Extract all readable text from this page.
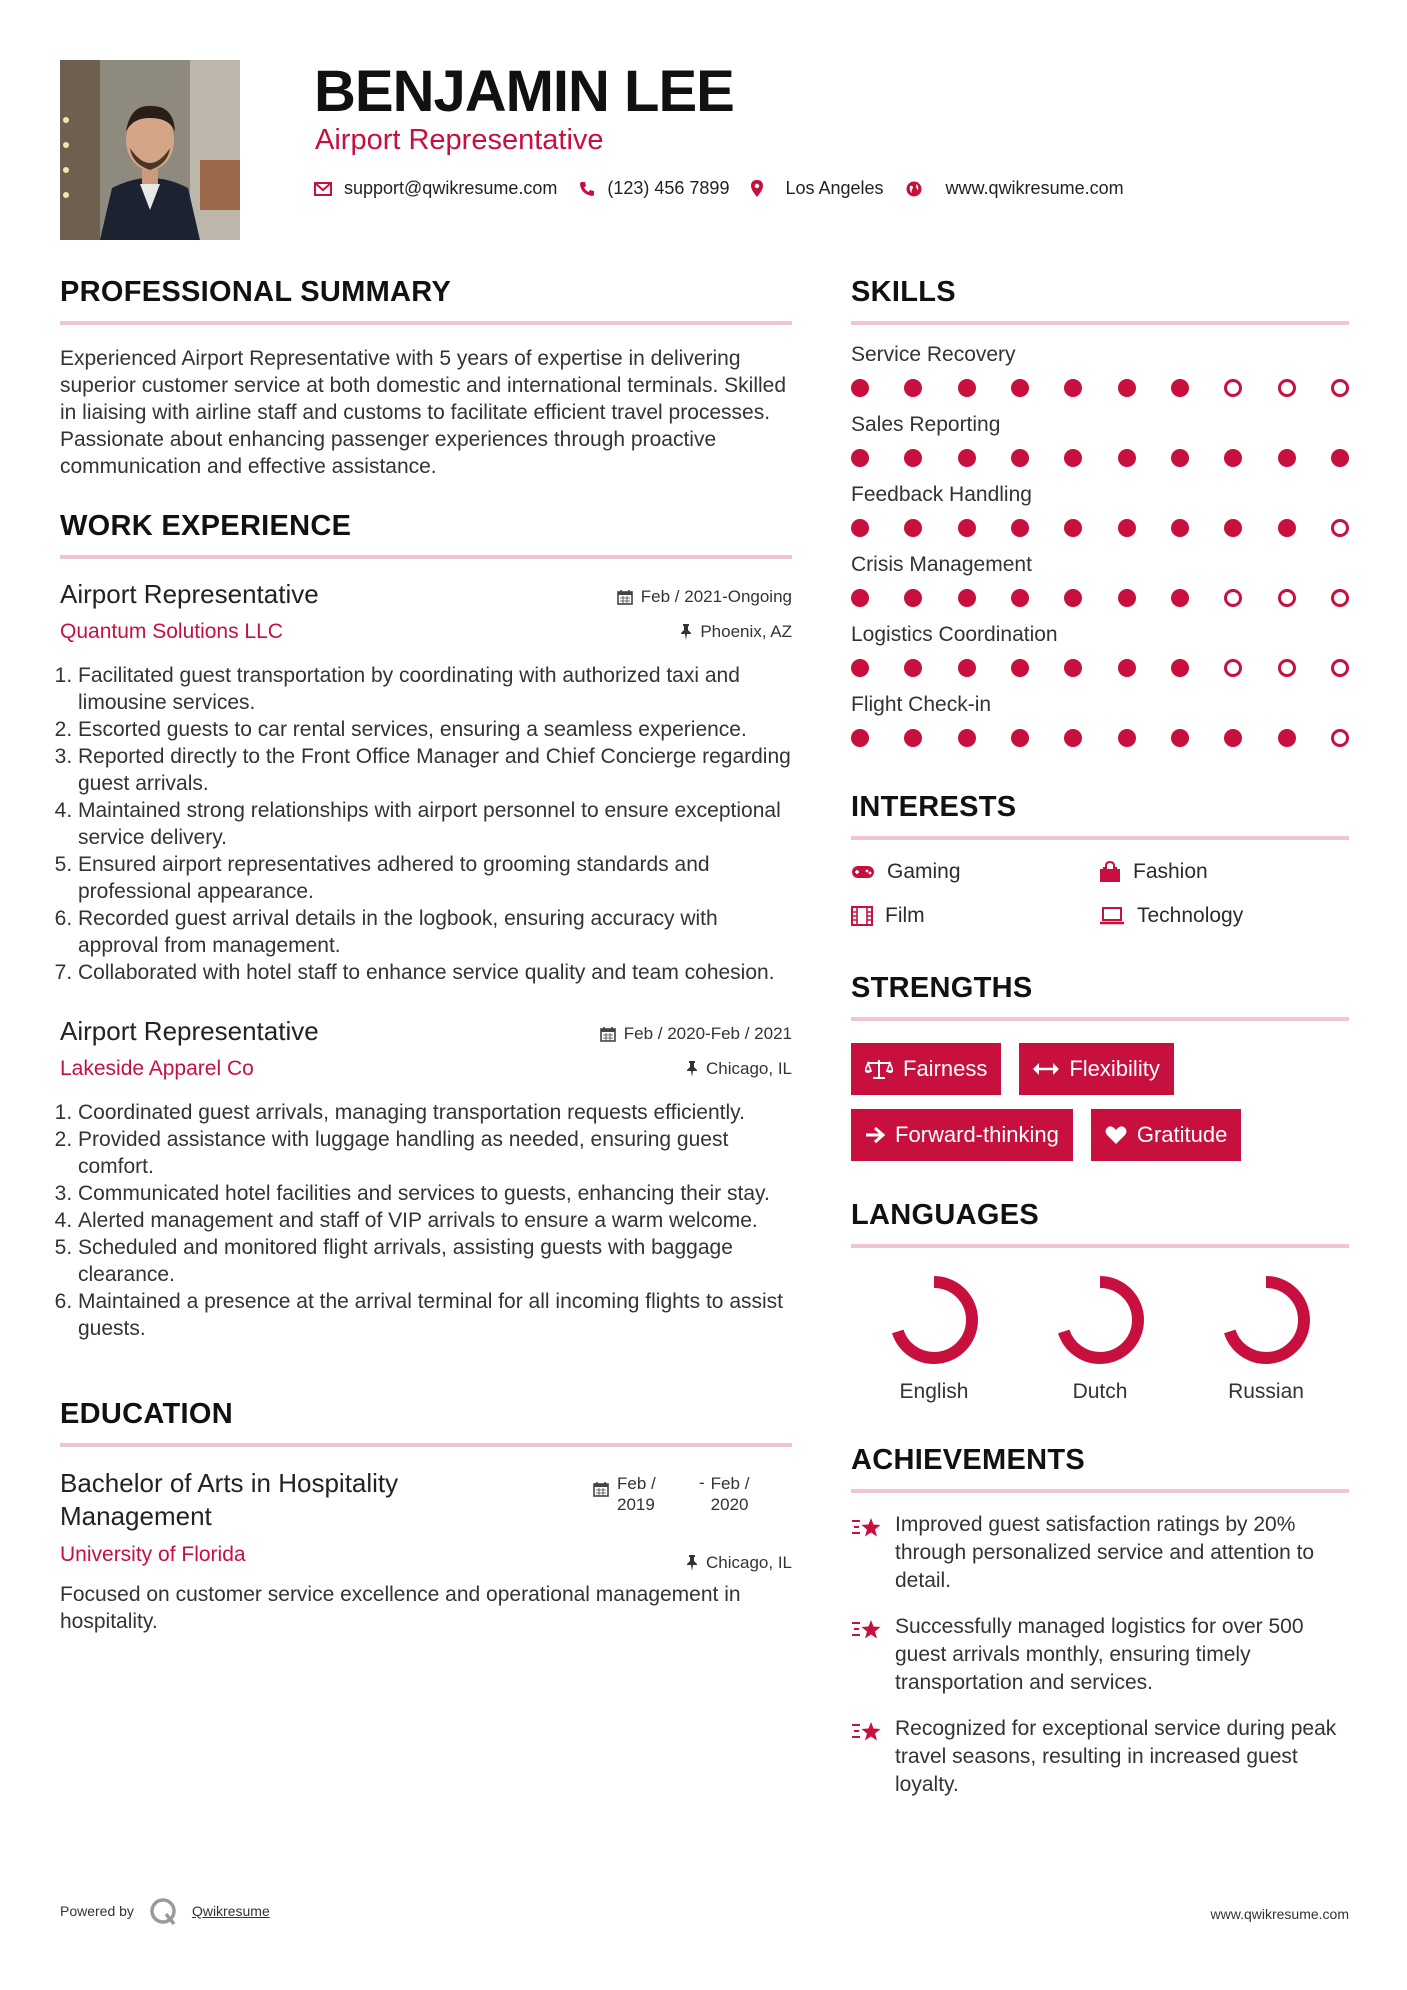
BENJAMIN LEE
Airport Representative
support@qwikresume.com	(123) 456 7899	Los Angeles	www.qwikresume.com
PROFESSIONAL SUMMARY

Experienced Airport Representative with 5 years of expertise in delivering superior customer service at both domestic and international terminals. Skilled in liaising with airline staff and customs to facilitate efficient travel processes. Passionate about enhancing passenger experiences through proactive communication and effective assistance.

WORK EXPERIENCE
Airport Representative
Quantum Solutions LLC
Feb / 2021-Ongoing
Phoenix, AZ
1. Facilitated guest transportation by coordinating with authorized taxi and limousine services.
2. Escorted guests to car rental services, ensuring a seamless experience.
3. Reported directly to the Front Office Manager and Chief Concierge regarding guest arrivals.
4. Maintained strong relationships with airport personnel to ensure exceptional service delivery.
5. Ensured airport representatives adhered to grooming standards and professional appearance.
6. Recorded guest arrival details in the logbook, ensuring accuracy with approval from management.
7. Collaborated with hotel staff to enhance service quality and team cohesion.
Airport Representative
Lakeside Apparel Co
Feb / 2020-Feb / 2021
Chicago, IL
1. Coordinated guest arrivals, managing transportation requests efficiently.
2. Provided assistance with luggage handling as needed, ensuring guest comfort.
3. Communicated hotel facilities and services to guests, enhancing their stay.
4. Alerted management and staff of VIP arrivals to ensure a warm welcome.
5. Scheduled and monitored flight arrivals, assisting guests with baggage clearance.
6. Maintained a presence at the arrival terminal for all incoming flights to assist guests.
EDUCATION
Bachelor of Arts in Hospitality Management
University of Florida
Feb / 2019
- Feb / 2020
Chicago, IL

Focused on customer service excellence and operational management in hospitality.

SKILLS
Service Recovery
Sales Reporting
Feedback Handling
Crisis Management
Logistics Coordination
Flight Check-in
INTERESTS
Gaming	Fashion
Film	Technology
STRENGTHS
Fairness	Flexibility
Forward-thinking	Gratitude
LANGUAGES
English	Dutch	Russian
ACHIEVEMENTS
Improved guest satisfaction ratings by 20% through personalized service and attention to detail.
Successfully managed logistics for over 500 guest arrivals monthly, ensuring timely transportation and services.
Recognized for exceptional service during peak travel seasons, resulting in increased guest loyalty.
Powered by	Qwikresume	www.qwikresume.com
